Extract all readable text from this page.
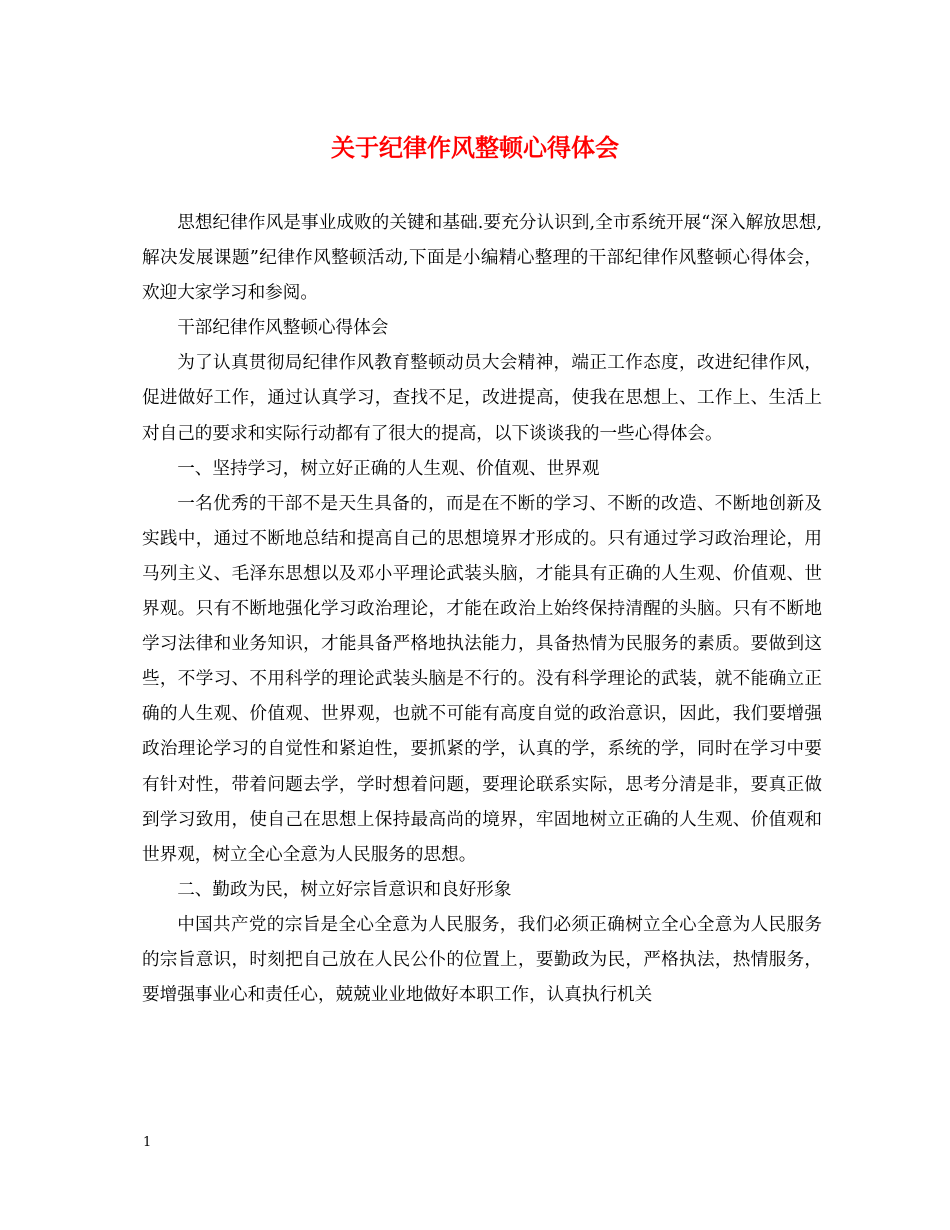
关于纪律作风整顿心得体会

思想纪律作风是事业成败的关键和基础.要充分认识到,全市系统开展“深入解放思想,解决发展课题”纪律作风整顿活动,下面是小编精心整理的干部纪律作风整顿心得体会，欢迎大家学习和参阅。

干部纪律作风整顿心得体会

为了认真贯彻局纪律作风教育整顿动员大会精神，端正工作态度，改进纪律作风，促进做好工作，通过认真学习，查找不足，改进提高，使我在思想上、工作上、生活上对自己的要求和实际行动都有了很大的提高，以下谈谈我的一些心得体会。

一、坚持学习，树立好正确的人生观、价值观、世界观

一名优秀的干部不是天生具备的，而是在不断的学习、不断的改造、不断地创新及实践中，通过不断地总结和提高自己的思想境界才形成的。只有通过学习政治理论，用马列主义、毛泽东思想以及邓小平理论武装头脑，才能具有正确的人生观、价值观、世界观。只有不断地强化学习政治理论，才能在政治上始终保持清醒的头脑。只有不断地学习法律和业务知识，才能具备严格地执法能力，具备热情为民服务的素质。要做到这些，不学习、不用科学的理论武装头脑是不行的。没有科学理论的武装，就不能确立正确的人生观、价值观、世界观，也就不可能有高度自觉的政治意识，因此，我们要增强政治理论学习的自觉性和紧迫性，要抓紧的学，认真的学，系统的学，同时在学习中要有针对性，带着问题去学，学时想着问题，要理论联系实际，思考分清是非，要真正做到学习致用，使自己在思想上保持最高尚的境界，牢固地树立正确的人生观、价值观和世界观，树立全心全意为人民服务的思想。

二、勤政为民，树立好宗旨意识和良好形象

中国共产党的宗旨是全心全意为人民服务，我们必须正确树立全心全意为人民服务的宗旨意识，时刻把自己放在人民公仆的位置上，要勤政为民，严格执法，热情服务，要增强事业心和责任心，兢兢业业地做好本职工作，认真执行机关

1
